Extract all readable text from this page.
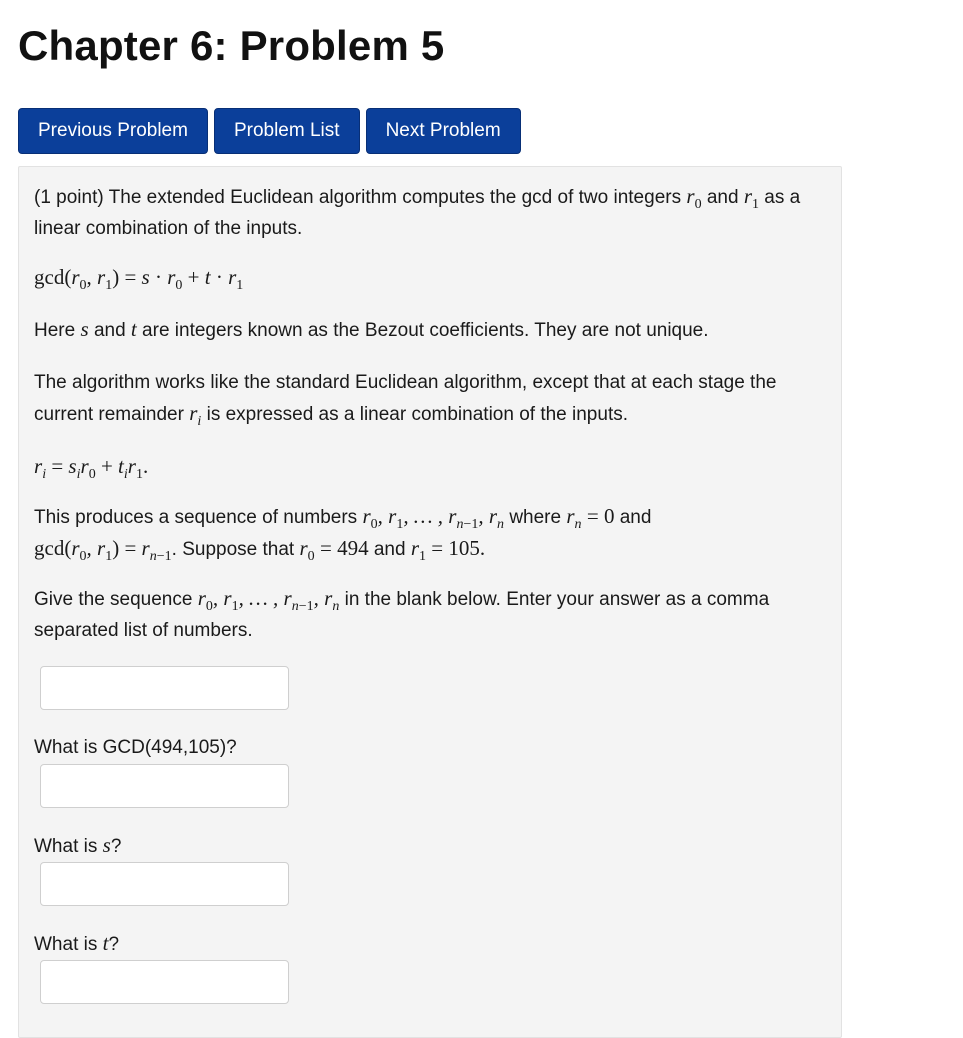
Chapter 6: Problem 5
Previous Problem	Problem List	Next Problem

(1 point) The extended Euclidean algorithm computes the gcd of two integers $r_0$ and $r_1$ as a linear combination of the inputs.

$\gcd(r_0$, $r_1) = s \cdot r_0 + t \cdot r_1$

Here s and t are integers known as the Bezout coefficients. They are not unique.

The algorithm works like the standard Euclidean algorithm, except that at each stage the current remainder $r_i$ is expressed as a linear combination of the inputs.

$r_i = s_ir_0 + t_ir_1$.

This produces a sequence of numbers $r_0$, $r_1$, … , $r_{n-1}$, $r_n$ where $r_n = 0$ and
$\gcd(r_0$, $r_1) = r_{n-1}$. Suppose that $r_0 = 494$ and $r_1 = 105$.

Give the sequence $r_0$, $r_1$, … , $r_{n-1}$, $r_n$ in the blank below. Enter your answer as a comma separated list of numbers.

What is GCD(494,105)?

What is s?

What is t?
